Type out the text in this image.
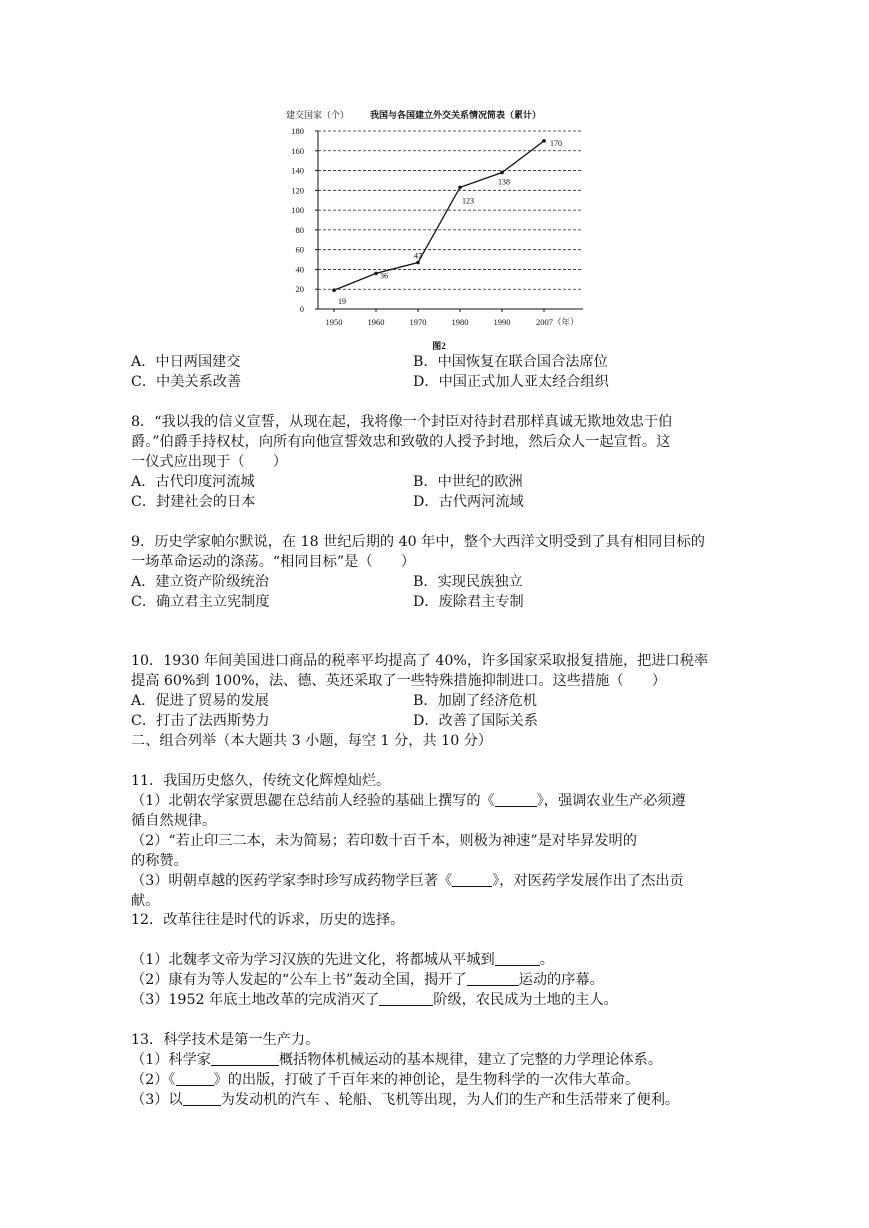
建交国家（个） 我国与各国建立外交关系情况简表（累计）
0
20
40
60
80
100
120
140
160
180
1950	1960	1970	1980	1990	2007（年）
19
36
47
123
138
170
图2
A．中日两国建交	B．中国恢复在联合国合法席位
C．中美关系改善	D．中国正式加人亚太经合组织
8．“我以我的信义宣誓，从现在起，我将像一个封臣对待封君那样真诚无欺地效忠于伯
爵。”伯爵手持权杖，向所有向他宣誓效忠和致敬的人授予封地，然后众人一起宣哲。这
一仪式应出现于（　　）
A．古代印度河流城	B．中世纪的欧洲
C．封建社会的日本	D．古代两河流域
9．历史学家帕尔默说，在 18 世纪后期的 40 年中，整个大西洋文明受到了具有相同目标的
一场革命运动的涤荡。“相同目标”是（　　）
A．建立资产阶级统治	B．实现民族独立
C．确立君主立宪制度	D．废除君主专制
10．1930 年间美国进口商品的税率平均提高了 40%，许多国家采取报复措施，把进口税率
提高 60%到 100%，法、德、英还采取了一些特殊措施抑制进口。这些措施（　　）
A．促进了贸易的发展	B．加剧了经济危机
C．打击了法西斯势力	D．改善了国际关系
二、组合列举（本大题共 3 小题，每空 1 分，共 10 分）
11．我国历史悠久，传统文化辉煌灿烂。
（1）北朝农学家贾思勰在总结前人经验的基础上撰写的《	》，强调农业生产必须遵
循自然规律。
（2）“若止印三二本，未为简易；若印数十百千本，则极为神速”是对毕昇发明的
的称赞。
（3）明朝卓越的医药学家李时珍写成药物学巨著《	》，对医药学发展作出了杰出贡
献。
12．改革往往是时代的诉求，历史的选择。
（1）北魏孝文帝为学习汉族的先进文化，将都城从平城到	。
（2）康有为等人发起的“公车上书”轰动全国，揭开了	运动的序幕。
（3）1952 年底土地改革的完成消灭了	阶级，农民成为土地的主人。
13．科学技术是第一生产力。
（1）科学家	概括物体机械运动的基本规律，建立了完整的力学理论体系。
（2）《	》的出版，打破了千百年来的神创论，是生物科学的一次伟大革命。
（3）以	为发动机的汽车 、轮船、飞机等出现，为人们的生产和生活带来了便利。
